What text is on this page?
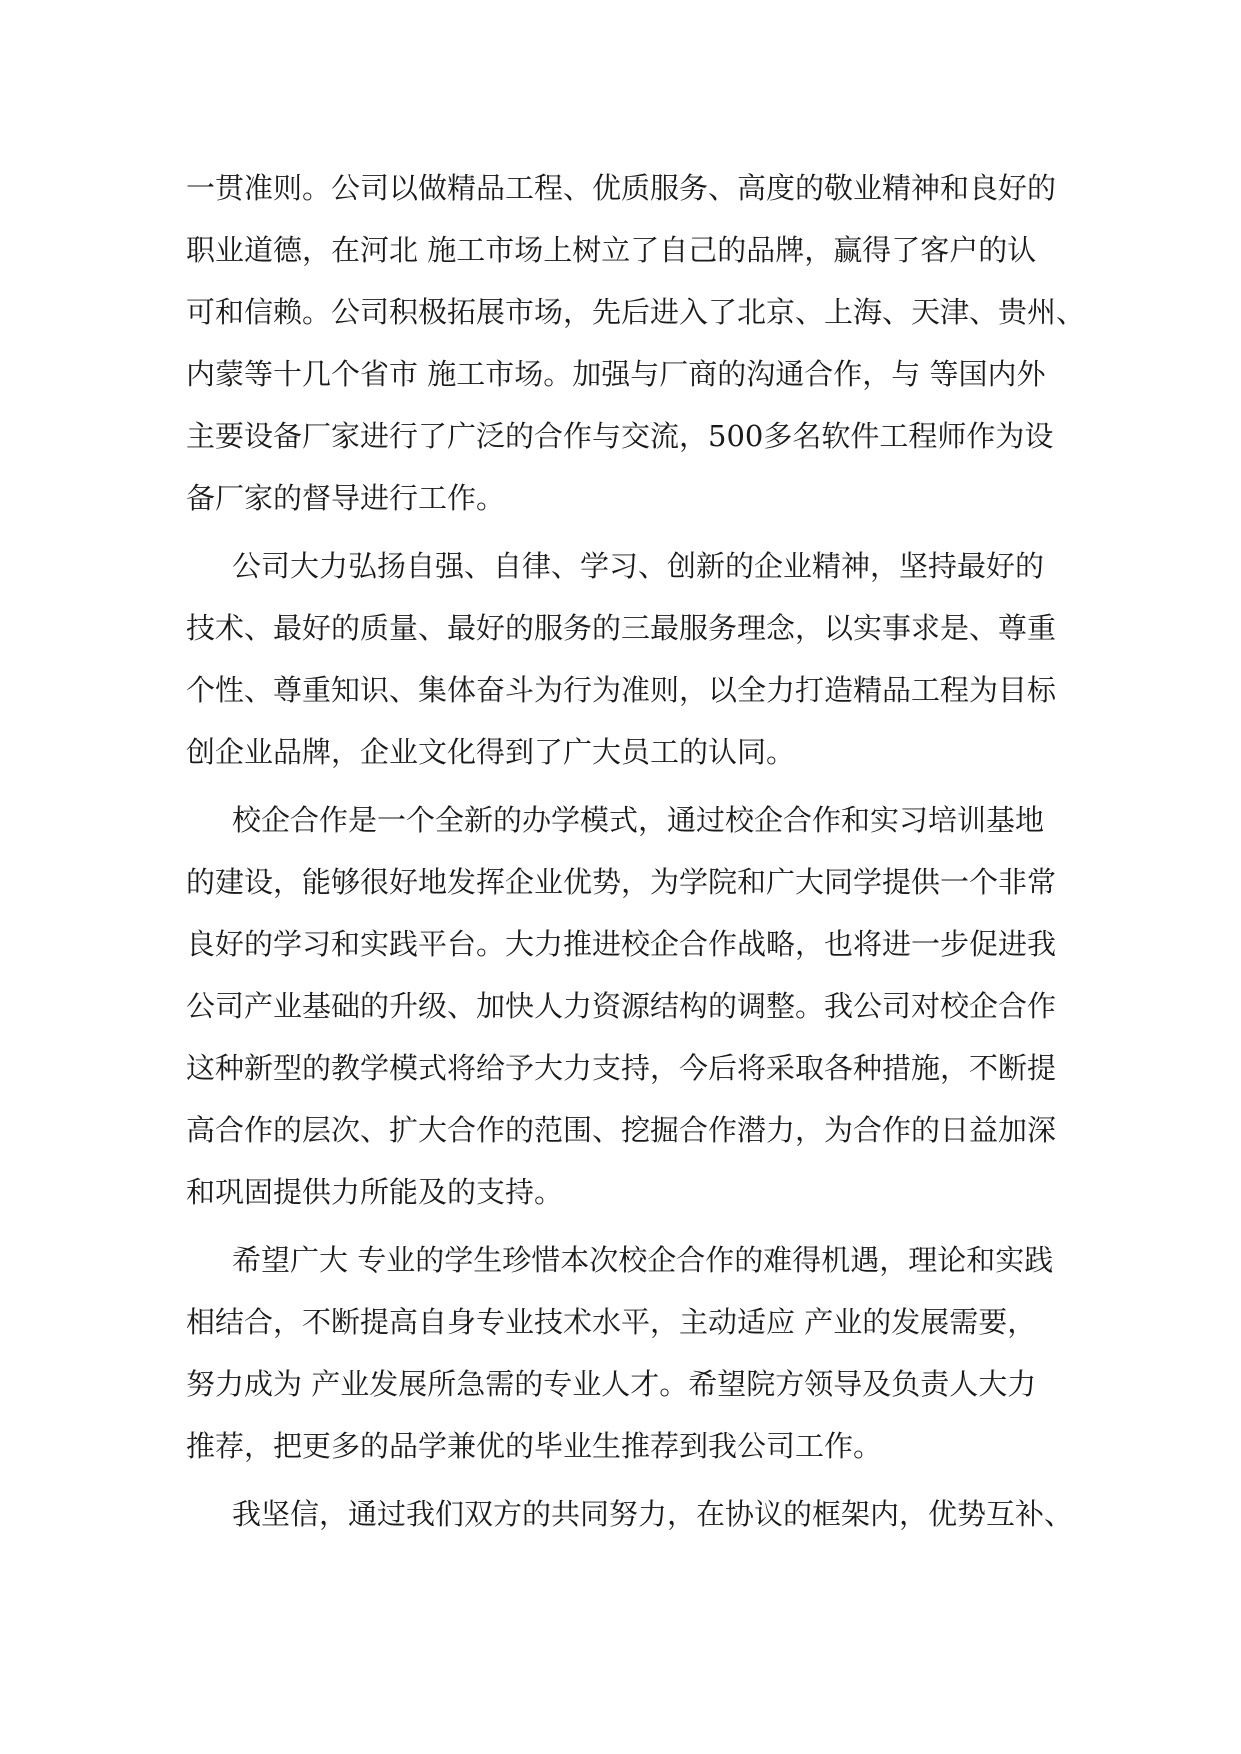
一贯准则。公司以做精品工程、优质服务、高度的敬业精神和良好的
职业道德，在河北 施工市场上树立了自己的品牌，赢得了客户的认
可和信赖。公司积极拓展市场，先后进入了北京、上海、天津、贵州、
内蒙等十几个省市 施工市场。加强与厂商的沟通合作，与 等国内外
主要设备厂家进行了广泛的合作与交流，500多名软件工程师作为设
备厂家的督导进行工作。
公司大力弘扬自强、自律、学习、创新的企业精神，坚持最好的
技术、最好的质量、最好的服务的三最服务理念，以实事求是、尊重
个性、尊重知识、集体奋斗为行为准则，以全力打造精品工程为目标
创企业品牌，企业文化得到了广大员工的认同。
校企合作是一个全新的办学模式，通过校企合作和实习培训基地
的建设，能够很好地发挥企业优势，为学院和广大同学提供一个非常
良好的学习和实践平台。大力推进校企合作战略，也将进一步促进我
公司产业基础的升级、加快人力资源结构的调整。我公司对校企合作
这种新型的教学模式将给予大力支持，今后将采取各种措施，不断提
高合作的层次、扩大合作的范围、挖掘合作潜力，为合作的日益加深
和巩固提供力所能及的支持。
希望广大 专业的学生珍惜本次校企合作的难得机遇，理论和实践
相结合，不断提高自身专业技术水平，主动适应 产业的发展需要，
努力成为 产业发展所急需的专业人才。希望院方领导及负责人大力
推荐，把更多的品学兼优的毕业生推荐到我公司工作。
我坚信，通过我们双方的共同努力，在协议的框架内，优势互补、
